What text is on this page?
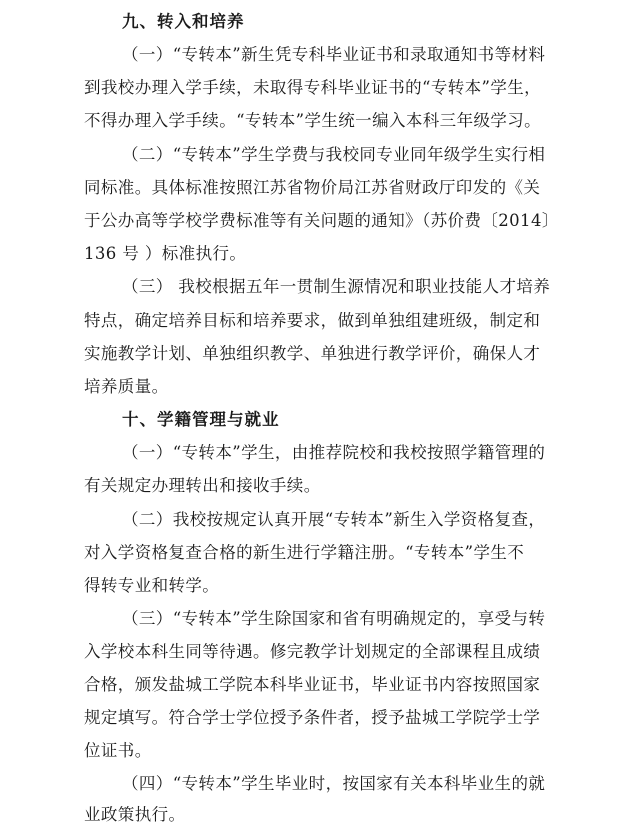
九、转入和培养
（一）“专转本”新生凭专科毕业证书和录取通知书等材料
到我校办理入学手续，未取得专科毕业证书的“专转本”学生，
不得办理入学手续。“专转本”学生统一编入本科三年级学习。
（二）“专转本”学生学费与我校同专业同年级学生实行相
同标准。具体标准按照江苏省物价局江苏省财政厅印发的《关
于公办高等学校学费标准等有关问题的通知》（苏价费〔2014〕
136 号 ）标准执行。
（三） 我校根据五年一贯制生源情况和职业技能人才培养
特点，确定培养目标和培养要求，做到单独组建班级，制定和
实施教学计划、单独组织教学、单独进行教学评价，确保人才
培养质量。
十、学籍管理与就业
（一）“专转本”学生，由推荐院校和我校按照学籍管理的
有关规定办理转出和接收手续。
（二）我校按规定认真开展“专转本”新生入学资格复查，
对入学资格复查合格的新生进行学籍注册。“专转本”学生不
得转专业和转学。
（三）“专转本”学生除国家和省有明确规定的，享受与转
入学校本科生同等待遇。修完教学计划规定的全部课程且成绩
合格，颁发盐城工学院本科毕业证书，毕业证书内容按照国家
规定填写。符合学士学位授予条件者，授予盐城工学院学士学
位证书。
（四）“专转本”学生毕业时，按国家有关本科毕业生的就
业政策执行。
